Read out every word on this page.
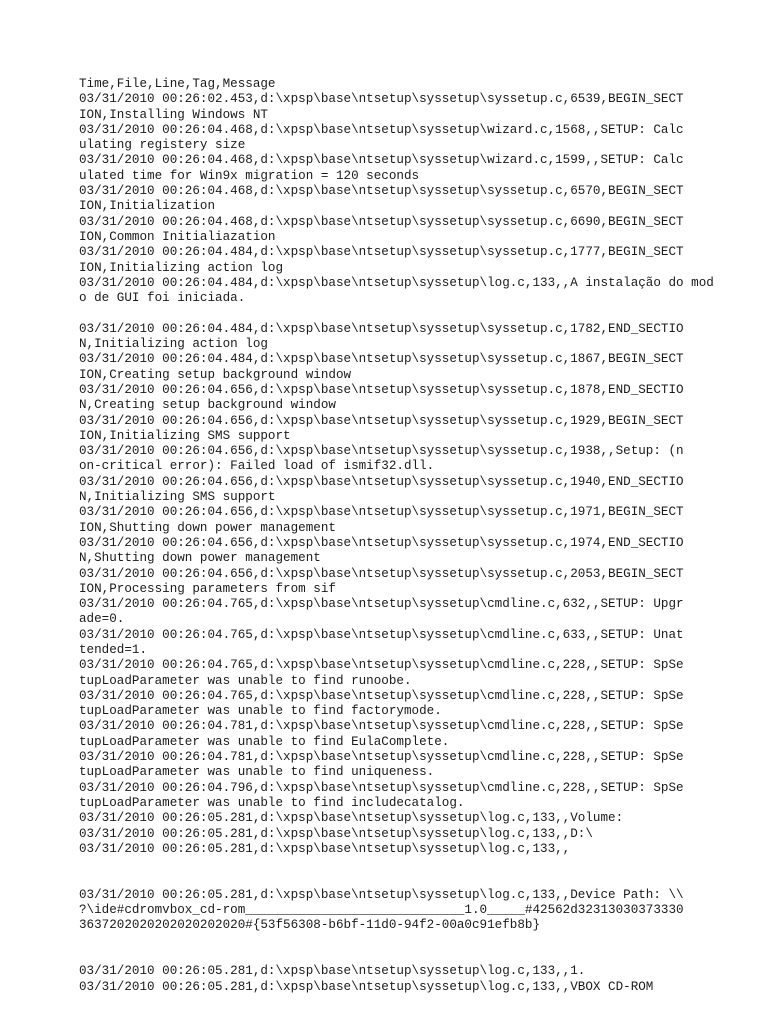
Time,File,Line,Tag,Message
03/31/2010 00:26:02.453,d:\xpsp\base\ntsetup\syssetup\syssetup.c,6539,BEGIN_SECT
ION,Installing Windows NT
03/31/2010 00:26:04.468,d:\xpsp\base\ntsetup\syssetup\wizard.c,1568,,SETUP: Calc
ulating registery size
03/31/2010 00:26:04.468,d:\xpsp\base\ntsetup\syssetup\wizard.c,1599,,SETUP: Calc
ulated time for Win9x migration = 120 seconds
03/31/2010 00:26:04.468,d:\xpsp\base\ntsetup\syssetup\syssetup.c,6570,BEGIN_SECT
ION,Initialization
03/31/2010 00:26:04.468,d:\xpsp\base\ntsetup\syssetup\syssetup.c,6690,BEGIN_SECT
ION,Common Initialiazation
03/31/2010 00:26:04.484,d:\xpsp\base\ntsetup\syssetup\syssetup.c,1777,BEGIN_SECT
ION,Initializing action log
03/31/2010 00:26:04.484,d:\xpsp\base\ntsetup\syssetup\log.c,133,,A instalação do mod
o de GUI foi iniciada.
03/31/2010 00:26:04.484,d:\xpsp\base\ntsetup\syssetup\syssetup.c,1782,END_SECTIO
N,Initializing action log
03/31/2010 00:26:04.484,d:\xpsp\base\ntsetup\syssetup\syssetup.c,1867,BEGIN_SECT
ION,Creating setup background window
03/31/2010 00:26:04.656,d:\xpsp\base\ntsetup\syssetup\syssetup.c,1878,END_SECTIO
N,Creating setup background window
03/31/2010 00:26:04.656,d:\xpsp\base\ntsetup\syssetup\syssetup.c,1929,BEGIN_SECT
ION,Initializing SMS support
03/31/2010 00:26:04.656,d:\xpsp\base\ntsetup\syssetup\syssetup.c,1938,,Setup: (n
on-critical error): Failed load of ismif32.dll.
03/31/2010 00:26:04.656,d:\xpsp\base\ntsetup\syssetup\syssetup.c,1940,END_SECTIO
N,Initializing SMS support
03/31/2010 00:26:04.656,d:\xpsp\base\ntsetup\syssetup\syssetup.c,1971,BEGIN_SECT
ION,Shutting down power management
03/31/2010 00:26:04.656,d:\xpsp\base\ntsetup\syssetup\syssetup.c,1974,END_SECTIO
N,Shutting down power management
03/31/2010 00:26:04.656,d:\xpsp\base\ntsetup\syssetup\syssetup.c,2053,BEGIN_SECT
ION,Processing parameters from sif
03/31/2010 00:26:04.765,d:\xpsp\base\ntsetup\syssetup\cmdline.c,632,,SETUP: Upgr
ade=0.
03/31/2010 00:26:04.765,d:\xpsp\base\ntsetup\syssetup\cmdline.c,633,,SETUP: Unat
tended=1.
03/31/2010 00:26:04.765,d:\xpsp\base\ntsetup\syssetup\cmdline.c,228,,SETUP: SpSe
tupLoadParameter was unable to find runoobe.
03/31/2010 00:26:04.765,d:\xpsp\base\ntsetup\syssetup\cmdline.c,228,,SETUP: SpSe
tupLoadParameter was unable to find factorymode.
03/31/2010 00:26:04.781,d:\xpsp\base\ntsetup\syssetup\cmdline.c,228,,SETUP: SpSe
tupLoadParameter was unable to find EulaComplete.
03/31/2010 00:26:04.781,d:\xpsp\base\ntsetup\syssetup\cmdline.c,228,,SETUP: SpSe
tupLoadParameter was unable to find uniqueness.
03/31/2010 00:26:04.796,d:\xpsp\base\ntsetup\syssetup\cmdline.c,228,,SETUP: SpSe
tupLoadParameter was unable to find includecatalog.
03/31/2010 00:26:05.281,d:\xpsp\base\ntsetup\syssetup\log.c,133,,Volume:
03/31/2010 00:26:05.281,d:\xpsp\base\ntsetup\syssetup\log.c,133,,D:\
03/31/2010 00:26:05.281,d:\xpsp\base\ntsetup\syssetup\log.c,133,,
03/31/2010 00:26:05.281,d:\xpsp\base\ntsetup\syssetup\log.c,133,,Device Path: \\
?\ide#cdromvbox_cd-rom_____________________________1.0_____#42562d32313030373330
3637202020202020202020#{53f56308-b6bf-11d0-94f2-00a0c91efb8b}
03/31/2010 00:26:05.281,d:\xpsp\base\ntsetup\syssetup\log.c,133,,1.
03/31/2010 00:26:05.281,d:\xpsp\base\ntsetup\syssetup\log.c,133,,VBOX CD-ROM
